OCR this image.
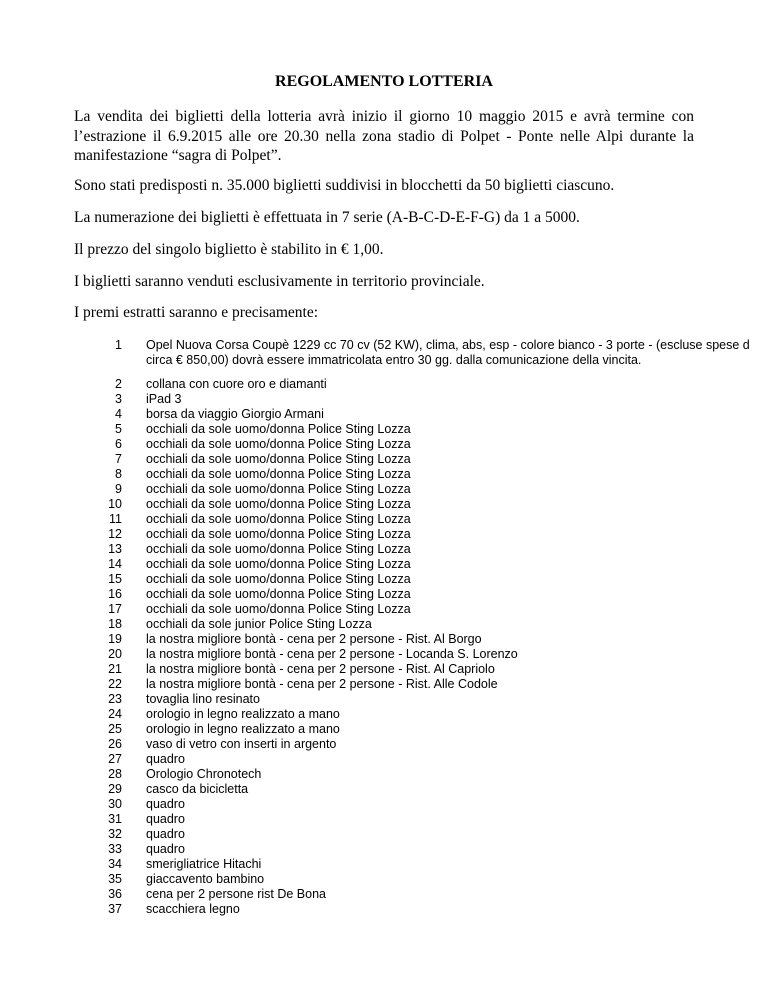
REGOLAMENTO LOTTERIA

La vendita dei biglietti della lotteria avrà inizio il giorno 10 maggio 2015 e avrà termine con l’estrazione il 6.9.2015 alle ore 20.30 nella zona stadio di Polpet - Ponte nelle Alpi durante la manifestazione “sagra di Polpet”.

Sono stati predisposti n. 35.000 biglietti suddivisi in blocchetti da 50 biglietti ciascuno.

La numerazione dei biglietti è effettuata in 7 serie (A-B-C-D-E-F-G) da 1 a 5000.

Il prezzo del singolo biglietto è stabilito in € 1,00.

I biglietti saranno venduti esclusivamente in territorio provinciale.

I premi estratti saranno e precisamente:

1 Opel Nuova Corsa Coupè 1229 cc 70 cv (52 KW), clima, abs, esp - colore bianco - 3 porte - (escluse spese d
circa € 850,00) dovrà essere immatricolata entro 30 gg. dalla comunicazione della vincita.
2 collana con cuore oro e diamanti
3 iPad 3
4 borsa da viaggio Giorgio Armani
5 occhiali da sole uomo/donna Police Sting Lozza
6 occhiali da sole uomo/donna Police Sting Lozza
7 occhiali da sole uomo/donna Police Sting Lozza
8 occhiali da sole uomo/donna Police Sting Lozza
9 occhiali da sole uomo/donna Police Sting Lozza
10 occhiali da sole uomo/donna Police Sting Lozza
11 occhiali da sole uomo/donna Police Sting Lozza
12 occhiali da sole uomo/donna Police Sting Lozza
13 occhiali da sole uomo/donna Police Sting Lozza
14 occhiali da sole uomo/donna Police Sting Lozza
15 occhiali da sole uomo/donna Police Sting Lozza
16 occhiali da sole uomo/donna Police Sting Lozza
17 occhiali da sole uomo/donna Police Sting Lozza
18 occhiali da sole junior Police Sting Lozza
19 la nostra migliore bontà - cena per 2 persone - Rist. Al Borgo
20 la nostra migliore bontà - cena per 2 persone - Locanda S. Lorenzo
21 la nostra migliore bontà - cena per 2 persone - Rist. Al Capriolo
22 la nostra migliore bontà - cena per 2 persone - Rist. Alle Codole
23 tovaglia lino resinato
24 orologio in legno realizzato a mano
25 orologio in legno realizzato a mano
26 vaso di vetro con inserti in argento
27 quadro
28 Orologio Chronotech
29 casco da bicicletta
30 quadro
31 quadro
32 quadro
33 quadro
34 smerigliatrice Hitachi
35 giaccavento bambino
36 cena per 2 persone rist De Bona
37 scacchiera legno
